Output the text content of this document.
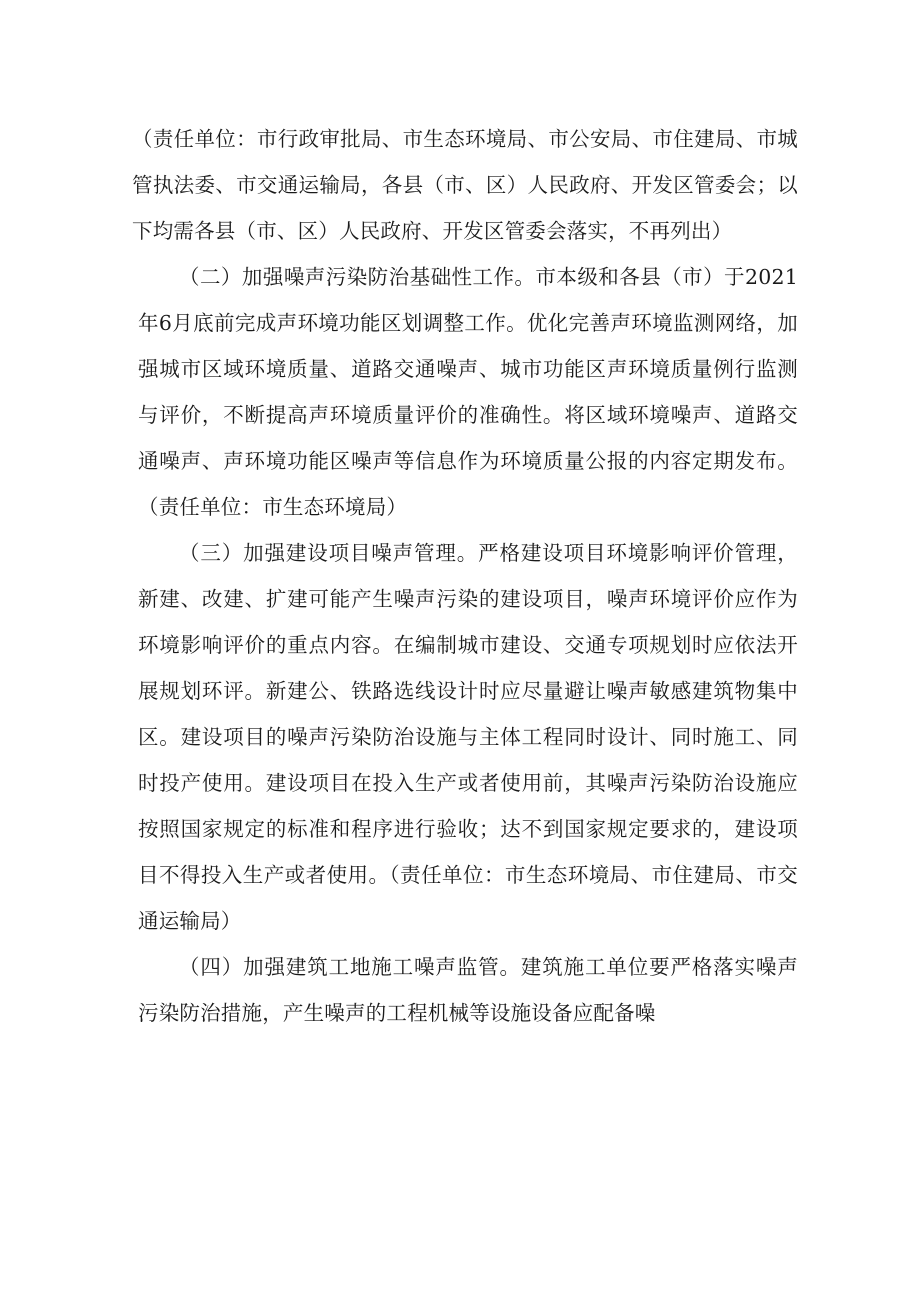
（责任单位：市行政审批局、市生态环境局、市公安局、市住建局、市城管执法委、市交通运输局，各县（市、区）人民政府、开发区管委会；以下均需各县（市、区）人民政府、开发区管委会落实，不再列出）

（二）加强噪声污染防治基础性工作。市本级和各县（市）于2021年6月底前完成声环境功能区划调整工作。优化完善声环境监测网络，加强城市区域环境质量、道路交通噪声、城市功能区声环境质量例行监测与评价，不断提高声环境质量评价的准确性。将区域环境噪声、道路交通噪声、声环境功能区噪声等信息作为环境质量公报的内容定期发布。（责任单位：市生态环境局）

（三）加强建设项目噪声管理。严格建设项目环境影响评价管理，新建、改建、扩建可能产生噪声污染的建设项目，噪声环境评价应作为环境影响评价的重点内容。在编制城市建设、交通专项规划时应依法开展规划环评。新建公、铁路选线设计时应尽量避让噪声敏感建筑物集中区。建设项目的噪声污染防治设施与主体工程同时设计、同时施工、同时投产使用。建设项目在投入生产或者使用前，其噪声污染防治设施应按照国家规定的标准和程序进行验收；达不到国家规定要求的，建设项目不得投入生产或者使用。（责任单位：市生态环境局、市住建局、市交通运输局）

（四）加强建筑工地施工噪声监管。建筑施工单位要严格落实噪声污染防治措施，产生噪声的工程机械等设施设备应配备噪
